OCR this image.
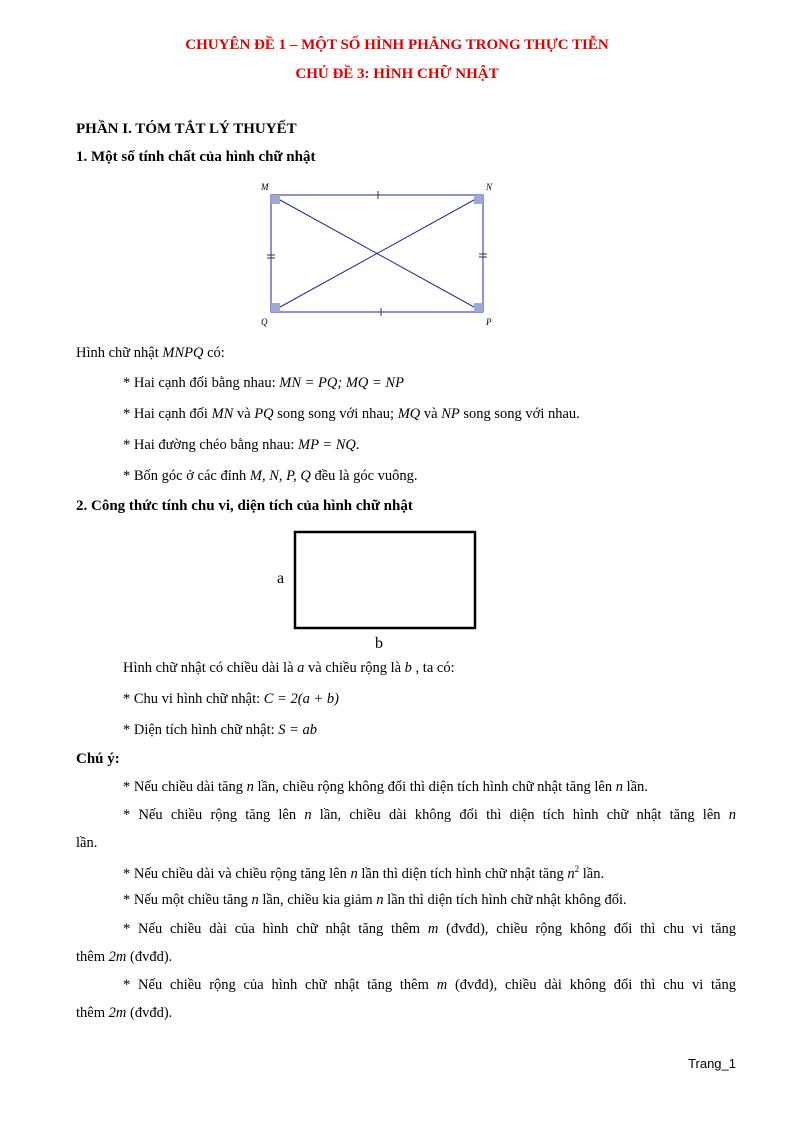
CHUYÊN ĐỀ 1 – MỘT SỐ HÌNH PHẲNG TRONG THỰC TIỄN
CHỦ ĐỀ 3: HÌNH CHỮ NHẬT
PHẦN I. TÓM TẮT LÝ THUYẾT
1. Một số tính chất của hình chữ nhật
M	N
P
Q
Hình chữ nhật MNPQ có:
* Hai cạnh đối bằng nhau: MN = PQ; MQ = NP
* Hai cạnh đối MN và PQ song song với nhau; MQ và NP song song với nhau.
* Hai đường chéo bằng nhau: MP = NQ.
* Bốn góc ở các đỉnh M, N, P, Q đều là góc vuông.
2. Công thức tính chu vi, diện tích của hình chữ nhật
a
b
Hình chữ nhật có chiều dài là a và chiều rộng là b , ta có:
* Chu vi hình chữ nhật: C = 2(a + b)
* Diện tích hình chữ nhật: S = ab
Chú ý:
* Nếu chiều dài tăng n lần, chiều rộng không đổi thì diện tích hình chữ nhật tăng lên n lần.
* Nếu chiều rộng tăng lên n lần, chiều dài không đổi thì diện tích hình chữ nhật tăng lên n
lần.
* Nếu chiều dài và chiều rộng tăng lên n lần thì diện tích hình chữ nhật tăng $n^2$ lần.
* Nếu một chiều tăng n lần, chiều kia giảm n lần thì diện tích hình chữ nhật không đổi.
* Nếu chiều dài của hình chữ nhật tăng thêm m (đvđd), chiều rộng không đổi thì chu vi tăng
thêm 2m (đvđd).
* Nếu chiều rộng của hình chữ nhật tăng thêm m (đvđd), chiều dài không đổi thì chu vi tăng
thêm 2m (đvđd).
Trang_1
